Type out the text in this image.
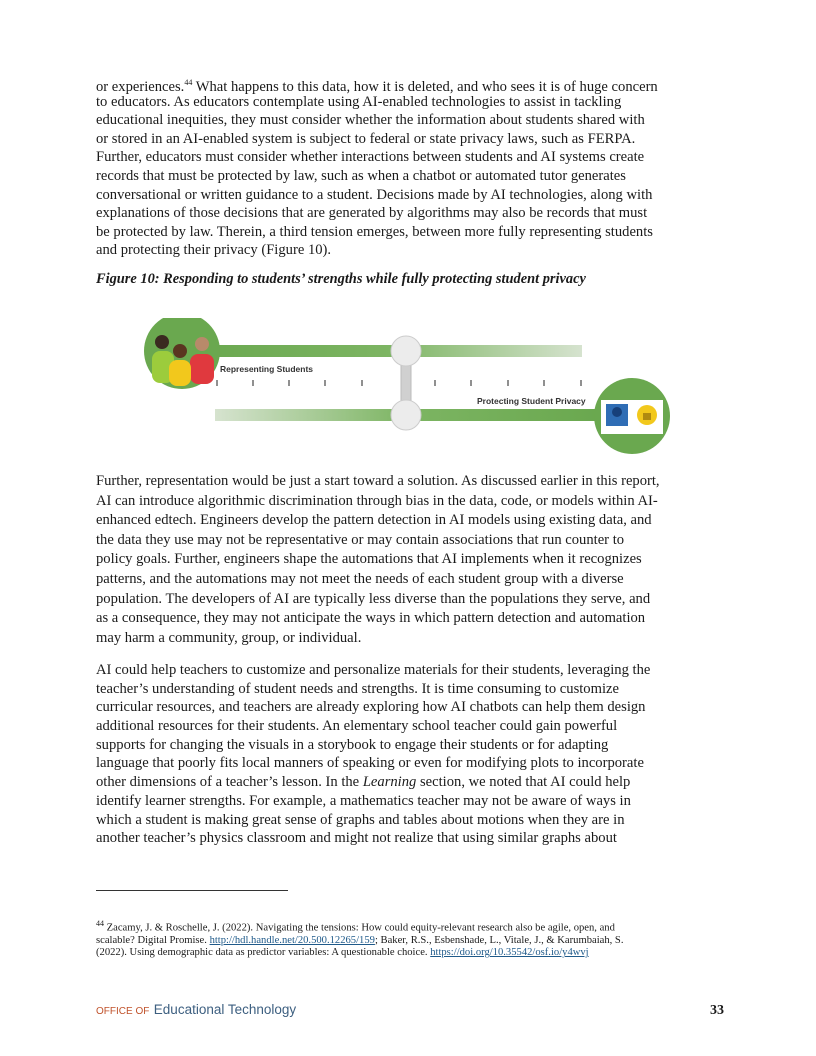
or experiences.$^{44}$ What happens to this data, how it is deleted, and who sees it is of huge concern
to educators. As educators contemplate using AI-enabled technologies to assist in tackling
educational inequities, they must consider whether the information about students shared with
or stored in an AI-enabled system is subject to federal or state privacy laws, such as FERPA.
Further, educators must consider whether interactions between students and AI systems create
records that must be protected by law, such as when a chatbot or automated tutor generates
conversational or written guidance to a student. Decisions made by AI technologies, along with
explanations of those decisions that are generated by algorithms may also be records that must
be protected by law. Therein, a third tension emerges, between more fully representing students
and protecting their privacy (Figure 10).
Figure 10: Responding to students’ strengths while fully protecting student privacy
Representing Students
Protecting Student Privacy
Further, representation would be just a start toward a solution. As discussed earlier in this report,
AI can introduce algorithmic discrimination through bias in the data, code, or models within AI-
enhanced edtech. Engineers develop the pattern detection in AI models using existing data, and
the data they use may not be representative or may contain associations that run counter to
policy goals. Further, engineers shape the automations that AI implements when it recognizes
patterns, and the automations may not meet the needs of each student group with a diverse
population. The developers of AI are typically less diverse than the populations they serve, and
as a consequence, they may not anticipate the ways in which pattern detection and automation
may harm a community, group, or individual.
AI could help teachers to customize and personalize materials for their students, leveraging the
teacher’s understanding of student needs and strengths. It is time consuming to customize
curricular resources, and teachers are already exploring how AI chatbots can help them design
additional resources for their students. An elementary school teacher could gain powerful
supports for changing the visuals in a storybook to engage their students or for adapting
language that poorly fits local manners of speaking or even for modifying plots to incorporate
other dimensions of a teacher’s lesson. In the Learning section, we noted that AI could help
identify learner strengths. For example, a mathematics teacher may not be aware of ways in
which a student is making great sense of graphs and tables about motions when they are in
another teacher’s physics classroom and might not realize that using similar graphs about
$^{44}$ Zacamy, J. & Roschelle, J. (2022). Navigating the tensions: How could equity-relevant research also be agile, open, and
scalable? Digital Promise. http://hdl.handle.net/20.500.12265/159; Baker, R.S., Esbenshade, L., Vitale, J., & Karumbaiah, S.
(2022). Using demographic data as predictor variables: A questionable choice. https://doi.org/10.35542/osf.io/y4wvj
OFFICE OF Educational Technology	33
